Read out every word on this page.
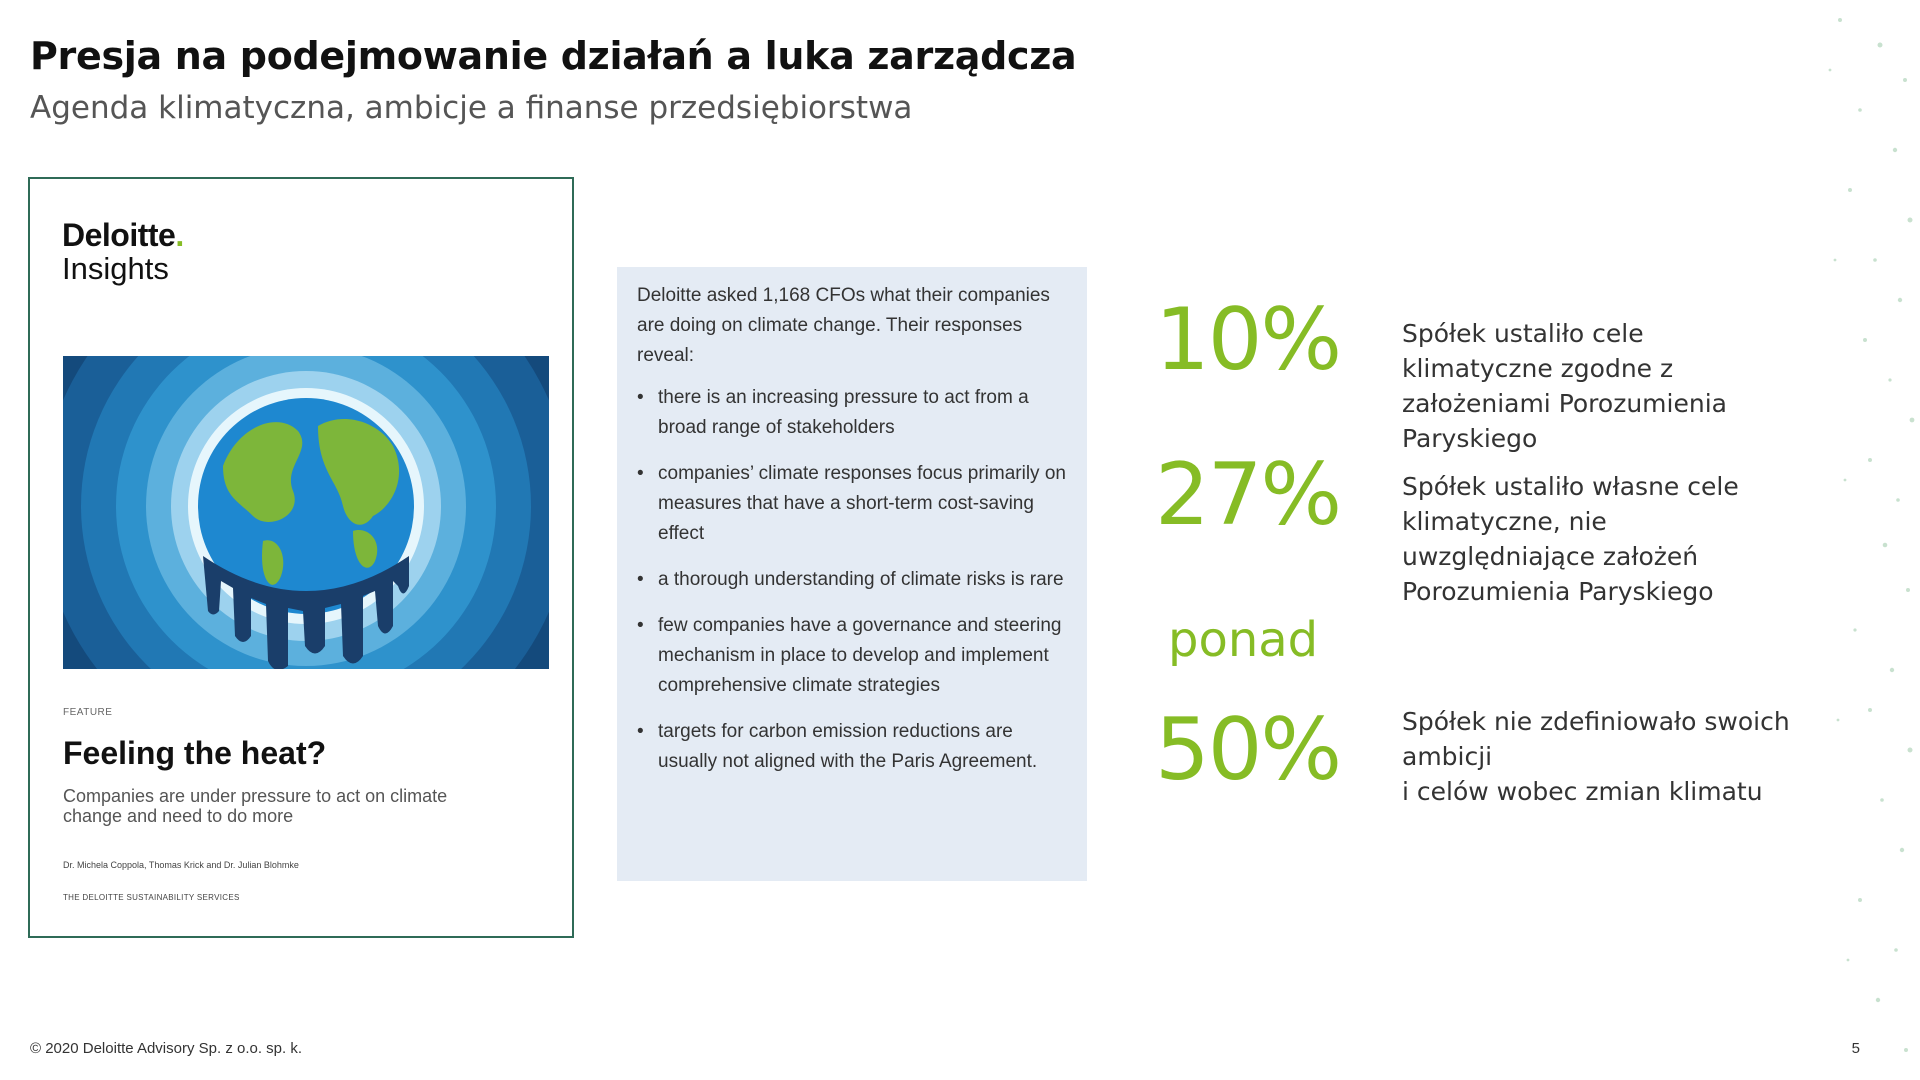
Presja na podejmowanie działań a luka zarządcza
Agenda klimatyczna, ambicje a finanse przedsiębiorstwa
Deloitte.
Insights
FEATURE
Feeling the heat?
Companies are under pressure to act on climate change and need to do more
Dr. Michela Coppola, Thomas Krick and Dr. Julian Blohmke
THE DELOITTE SUSTAINABILITY SERVICES

Deloitte asked 1,168 CFOs what their companies are doing on climate change. Their responses reveal:

• there is an increasing pressure to act from a broad range of stakeholders
• companies’ climate responses focus primarily on measures that have a short-term cost-saving effect
• a thorough understanding of climate risks is rare
• few companies have a governance and steering mechanism in place to develop and implement comprehensive climate strategies
• targets for carbon emission reductions are usually not aligned with the Paris Agreement.
10% Spółek ustaliło cele klimatyczne zgodne z założeniami Porozumienia Paryskiego
27% Spółek ustaliło własne cele klimatyczne, nie uwzględniające założeń Porozumienia Paryskiego
ponad
50% Spółek nie zdefiniowało swoich ambicji
i celów wobec zmian klimatu
© 2020 Deloitte Advisory Sp. z o.o. sp. k.	5
